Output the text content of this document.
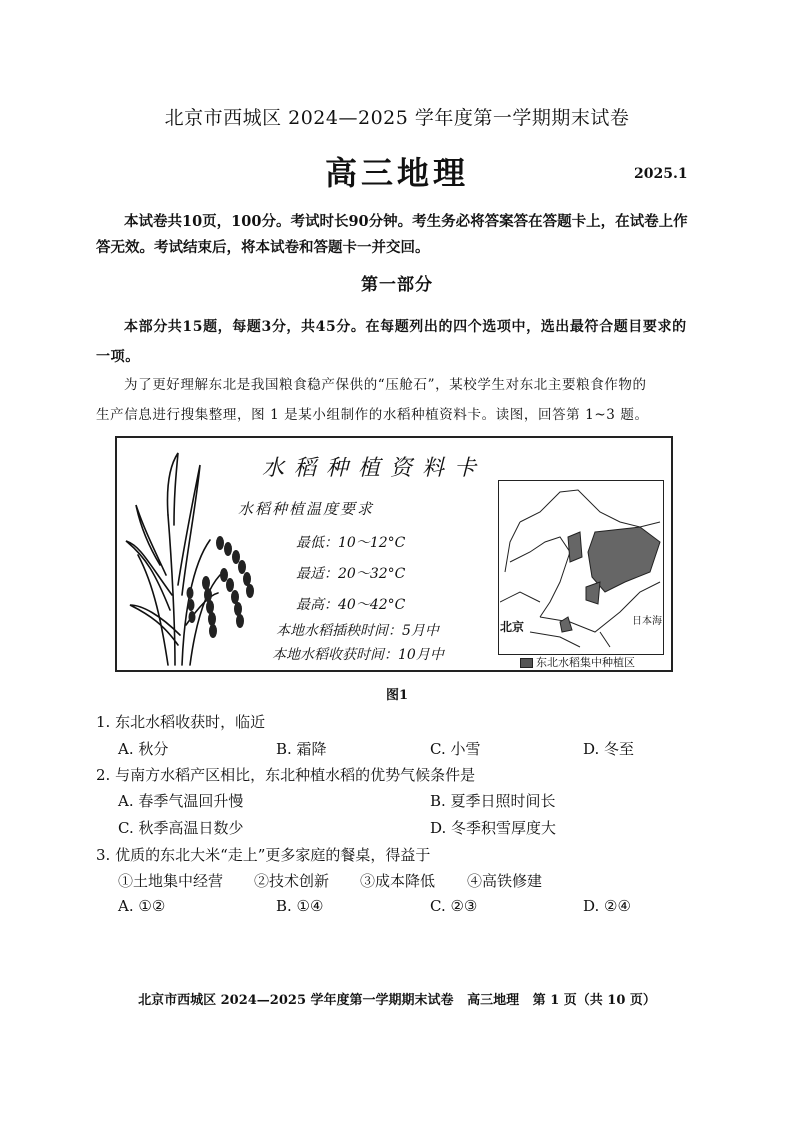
北京市西城区 2024—2025 学年度第一学期期末试卷
高三地理	2025.1
本试卷共10页，100分。考试时长90分钟。考生务必将答案答在答题卡上，在试卷上作
答无效。考试结束后，将本试卷和答题卡一并交回。
第一部分
本部分共15题，每题3分，共45分。在每题列出的四个选项中，选出最符合题目要求的
一项。
为了更好理解东北是我国粮食稳产保供的“压舱石”，某校学生对东北主要粮食作物的
生产信息进行搜集整理，图 1 是某小组制作的水稻种植资料卡。读图，回答第 1~3 题。
水稻种植资料卡
水稻种植温度要求
最低：10～12°C
最适：20～32°C
最高：40～42°C
本地水稻插秧时间：5月中
本地水稻收获时间：10月中
北京	日本海
东北水稻集中种植区
图1
1. 东北水稻收获时，临近
A. 秋分	B. 霜降	C. 小雪	D. 冬至
2. 与南方水稻产区相比，东北种植水稻的优势气候条件是
A. 春季气温回升慢	B. 夏季日照时间长
C. 秋季高温日数少	D. 冬季积雪厚度大
3. 优质的东北大米“走上”更多家庭的餐桌，得益于
①土地集中经营 ②技术创新 ③成本降低 ④高铁修建
A. ①②	B. ①④	C. ②③	D. ②④
北京市西城区 2024—2025 学年度第一学期期末试卷   高三地理   第 1 页（共 10 页）
